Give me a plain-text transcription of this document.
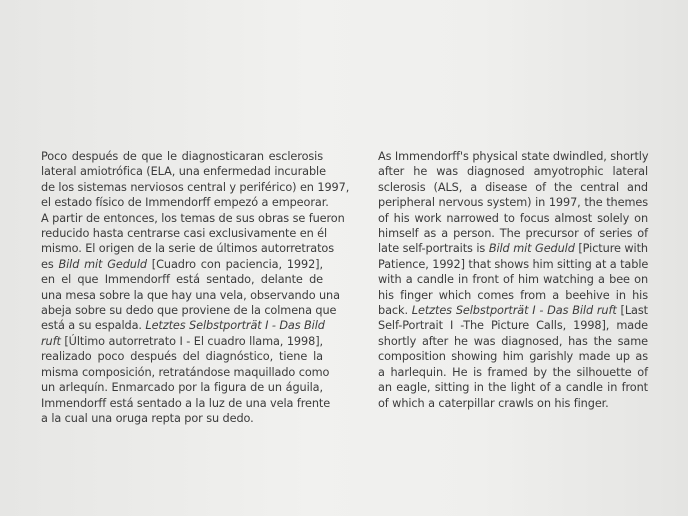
Poco después de que le diagnosticaran esclerosis
lateral amiotrófica (ELA, una enfermedad incurable
de los sistemas nerviosos central y periférico) en 1997,
el estado físico de Immendorff empezó a empeorar.
A partir de entonces, los temas de sus obras se fueron
reducido hasta centrarse casi exclusivamente en él
mismo. El origen de la serie de últimos autorretratos
es Bild mit Geduld [Cuadro con paciencia, 1992],
en el que Immendorff está sentado, delante de
una mesa sobre la que hay una vela, observando una
abeja sobre su dedo que proviene de la colmena que
está a su espalda. Letztes Selbstporträt I - Das Bild
ruft [Último autorretrato I - El cuadro llama, 1998],
realizado poco después del diagnóstico, tiene la
misma composición, retratándose maquillado como
un arlequín. Enmarcado por la figura de un águila,
Immendorff está sentado a la luz de una vela frente
a la cual una oruga repta por su dedo.
As Immendorff's physical state dwindled, shortly
after he was diagnosed amyotrophic lateral
sclerosis (ALS, a disease of the central and
peripheral nervous system) in 1997, the themes
of his work narrowed to focus almost solely on
himself as a person. The precursor of series of
late self-portraits is Bild mit Geduld [Picture with
Patience, 1992] that shows him sitting at a table
with a candle in front of him watching a bee on
his finger which comes from a beehive in his
back. Letztes Selbstporträt I - Das Bild ruft [Last
Self-Portrait I -The Picture Calls, 1998], made
shortly after he was diagnosed, has the same
composition showing him garishly made up as
a harlequin. He is framed by the silhouette of
an eagle, sitting in the light of a candle in front
of which a caterpillar crawls on his finger.
